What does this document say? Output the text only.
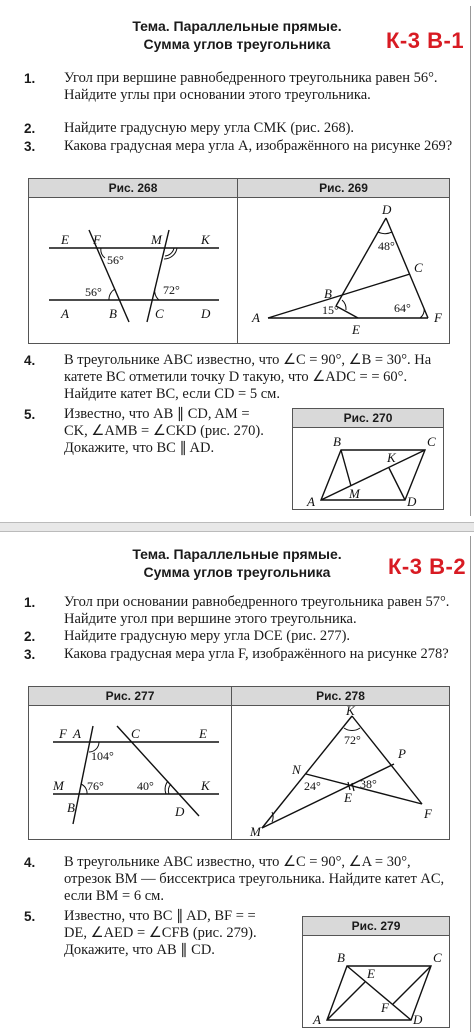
Тема. Параллельные прямые.
Сумма углов треугольника	К-3 В-1
1. Угол при вершине равнобедренного треугольника равен 56°. Найдите углы при основании этого треугольника.
2. Найдите градусную меру угла CMK (рис. 268).
3. Какова градусная мера угла A, изображённого на рисунке 269?
Рис. 268	Рис. 269
E F	M	K
A	B	C	D
56°
56°	72°
D
B
C
A
E
F
48°
15°	64°
4. В треугольнике ABC известно, что ∠C = 90°, ∠B = 30°. На катете BC отметили точку D такую, что ∠ADC = = 60°. Найдите катет BC, если CD = 5 см.
5. Известно, что AB ∥ CD, AM = CK, ∠AMB = ∠CKD (рис. 270). Докажите, что BC ∥ AD.
Рис. 270
B	C
K
M
A	D
Тема. Параллельные прямые.
Сумма углов треугольника	К-3 В-2
1. Угол при основании равнобедренного треугольника равен 57°. Найдите угол при вершине этого треугольника.
2. Найдите градусную меру угла DCE (рис. 277).
3. Какова градусная мера угла F, изображённого на рисунке 278?
Рис. 277	Рис. 278
F A	C	E
M
B	D
K
104°
76°	40°
K
P
N
E
F
M
72°
24°	38°
4. В треугольнике ABC известно, что ∠C = 90°, ∠A = 30°, отрезок BM — биссектриса треугольника. Найдите катет AC, если BM = 6 см.
5. Известно, что BC ∥ AD, BF = = DE, ∠AED = ∠CFB (рис. 279). Докажите, что AB ∥ CD.
Рис. 279
B	C
E
F
A	D
